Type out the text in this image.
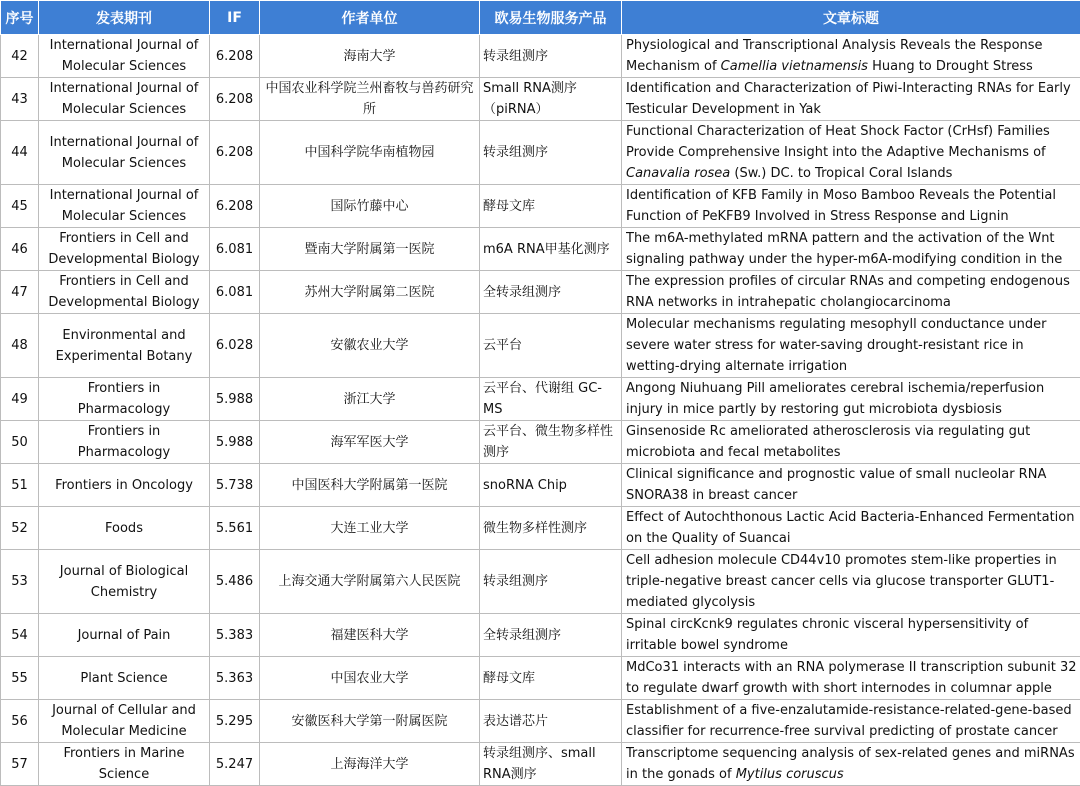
序号	发表期刊	IF	作者单位	欧易生物服务产品	文章标题
42	International Journal of Molecular Sciences	6.208	海南大学	转录组测序	Physiological and Transcriptional Analysis Reveals the Response Mechanism of Camellia vietnamensis Huang to Drought Stress

43	International Journal of Molecular Sciences	6.208	中国农业科学院兰州畜牧与兽药研究所	Small RNA测序（piRNA）	Identification and Characterization of Piwi-Interacting RNAs for Early Testicular Development in Yak

44	International Journal of Molecular Sciences	6.208	中国科学院华南植物园	转录组测序	Functional Characterization of Heat Shock Factor (CrHsf) Families Provide Comprehensive Insight into the Adaptive Mechanisms of Canavalia rosea (Sw.) DC. to Tropical Coral Islands
45	International Journal of Molecular Sciences	6.208	国际竹藤中心	酵母文库	Identification of KFB Family in Moso Bamboo Reveals the Potential Function of PeKFB9 Involved in Stress Response and Lignin

46	Frontiers in Cell and Developmental Biology	6.081	暨南大学附属第一医院	m6A RNA甲基化测序	The m6A-methylated mRNA pattern and the activation of the Wnt signaling pathway under the hyper-m6A-modifying condition in the

47	Frontiers in Cell and Developmental Biology	6.081	苏州大学附属第二医院	全转录组测序	The expression profiles of circular RNAs and competing endogenous RNA networks in intrahepatic cholangiocarcinoma

48	Environmental and Experimental Botany	6.028	安徽农业大学	云平台	Molecular mechanisms regulating mesophyll conductance under severe water stress for water-saving drought-resistant rice in wetting-drying alternate irrigation
49	Frontiers in Pharmacology	5.988	浙江大学	云平台、代谢组 GC-MS	Angong Niuhuang Pill ameliorates cerebral ischemia/reperfusion injury in mice partly by restoring gut microbiota dysbiosis

50	Frontiers in Pharmacology	5.988	海军军医大学	云平台、微生物多样性测序	Ginsenoside Rc ameliorated atherosclerosis via regulating gut microbiota and fecal metabolites

51	Frontiers in Oncology	5.738	中国医科大学附属第一医院	snoRNA Chip	Clinical significance and prognostic value of small nucleolar RNA SNORA38 in breast cancer

52	Foods	5.561	大连工业大学	微生物多样性测序	Effect of Autochthonous Lactic Acid Bacteria-Enhanced Fermentation on the Quality of Suancai

53	Journal of Biological Chemistry	5.486	上海交通大学附属第六人民医院	转录组测序	Cell adhesion molecule CD44v10 promotes stem-like properties in triple-negative breast cancer cells via glucose transporter GLUT1-mediated glycolysis
54	Journal of Pain	5.383	福建医科大学	全转录组测序	Spinal circKcnk9 regulates chronic visceral hypersensitivity of irritable bowel syndrome

55	Plant Science	5.363	中国农业大学	酵母文库	MdCo31 interacts with an RNA polymerase II transcription subunit 32 to regulate dwarf growth with short internodes in columnar apple

56	Journal of Cellular and Molecular Medicine	5.295	安徽医科大学第一附属医院	表达谱芯片	Establishment of a five-enzalutamide-resistance-related-gene-based classifier for recurrence-free survival predicting of prostate cancer

57	Frontiers in Marine Science	5.247	上海海洋大学	转录组测序、small RNA测序	Transcriptome sequencing analysis of sex-related genes and miRNAs in the gonads of Mytilus coruscus
